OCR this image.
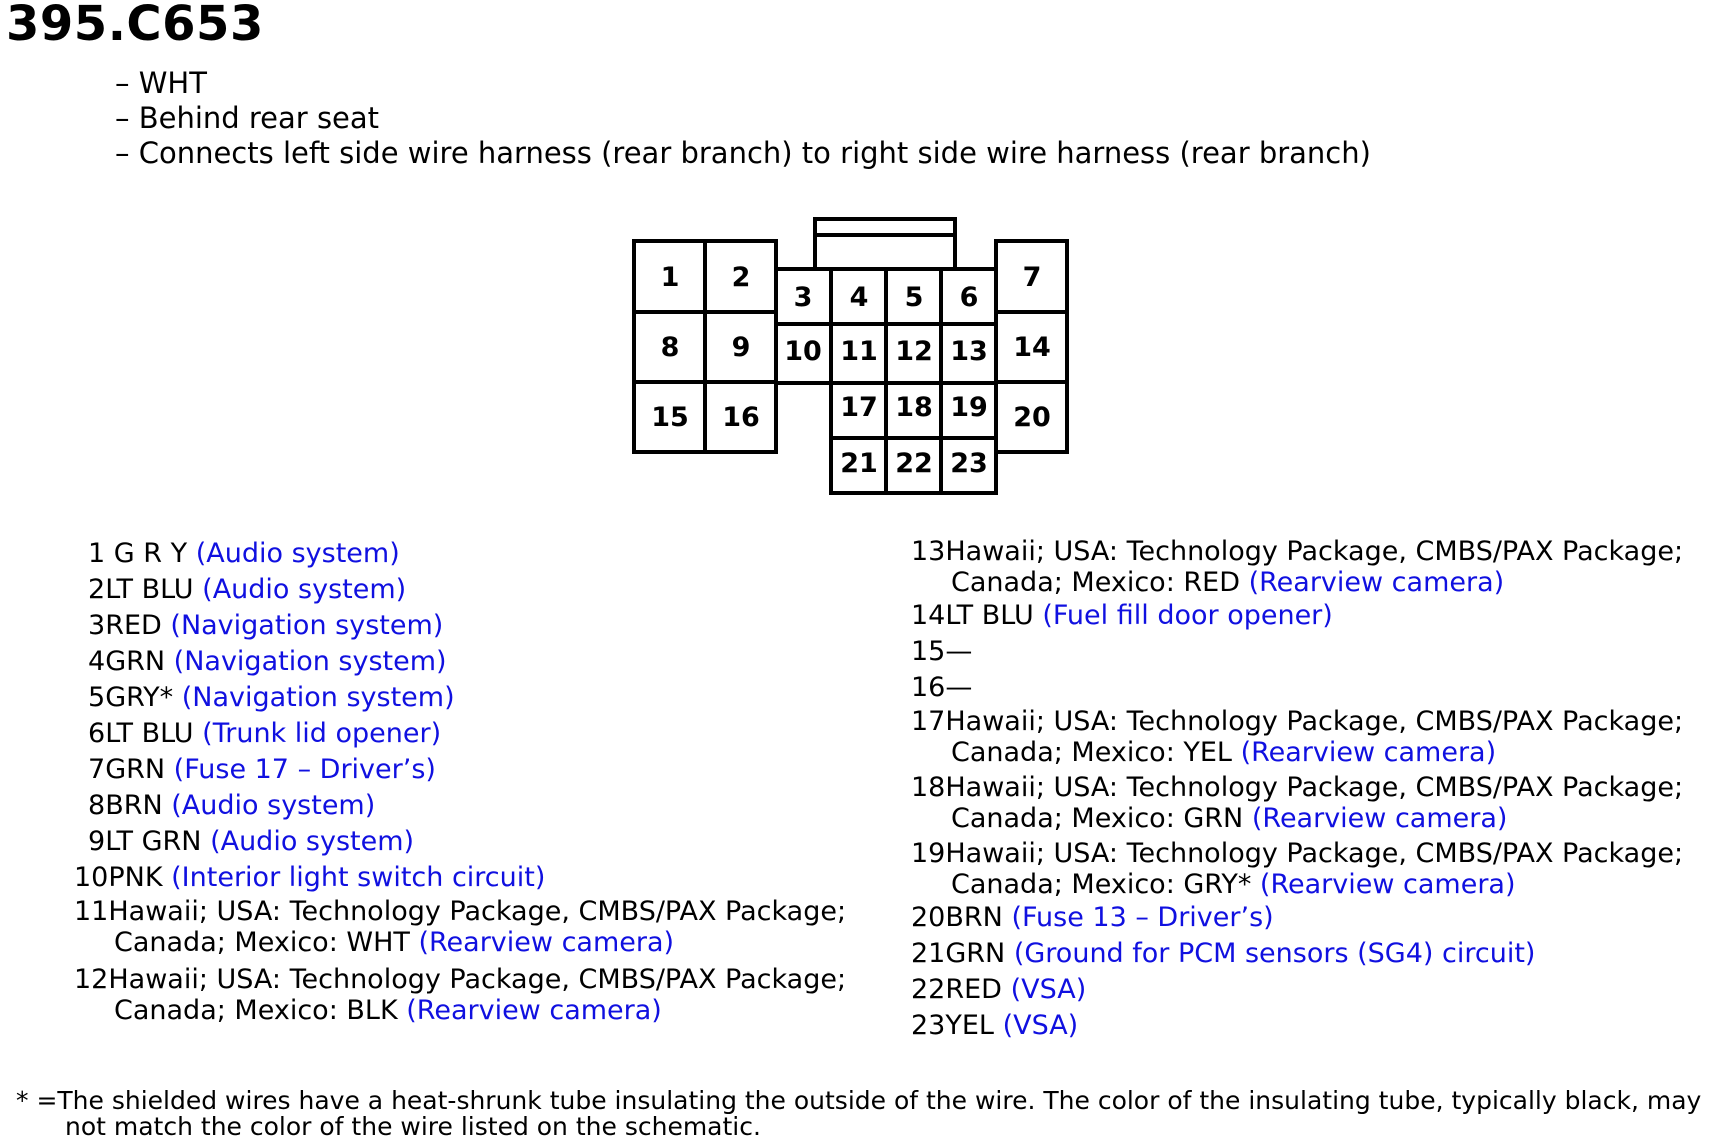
395.C653
– WHT
– Behind rear seat
– Connects left side wire harness (rear branch) to right side wire harness (rear branch)
1 2
3 4 5 6
7
8 9 10 11 12 13 14
15 16	17 18 19 20
21 22 23
1 G R Y (Audio system)
2LT BLU (Audio system)
3RED (Navigation system)
4GRN (Navigation system)
5GRY* (Navigation system)
6LT BLU (Trunk lid opener)
7GRN (Fuse 17 – Driver’s)
8BRN (Audio system)
9LT GRN (Audio system)
10PNK (Interior light switch circuit)
11Hawaii; USA: Technology Package, CMBS/PAX Package;
Canada; Mexico: WHT (Rearview camera)
12Hawaii; USA: Technology Package, CMBS/PAX Package;
Canada; Mexico: BLK (Rearview camera)
13Hawaii; USA: Technology Package, CMBS/PAX Package;
Canada; Mexico: RED (Rearview camera)
14LT BLU (Fuel fill door opener)
15—
16—
17Hawaii; USA: Technology Package, CMBS/PAX Package;
Canada; Mexico: YEL (Rearview camera)
18Hawaii; USA: Technology Package, CMBS/PAX Package;
Canada; Mexico: GRN (Rearview camera)
19Hawaii; USA: Technology Package, CMBS/PAX Package;
Canada; Mexico: GRY* (Rearview camera)
20BRN (Fuse 13 – Driver’s)
21GRN (Ground for PCM sensors (SG4) circuit)
22RED (VSA)
23YEL (VSA)
* =The shielded wires have a heat-shrunk tube insulating the outside of the wire. The color of the insulating tube, typically black, may
not match the color of the wire listed on the schematic.
